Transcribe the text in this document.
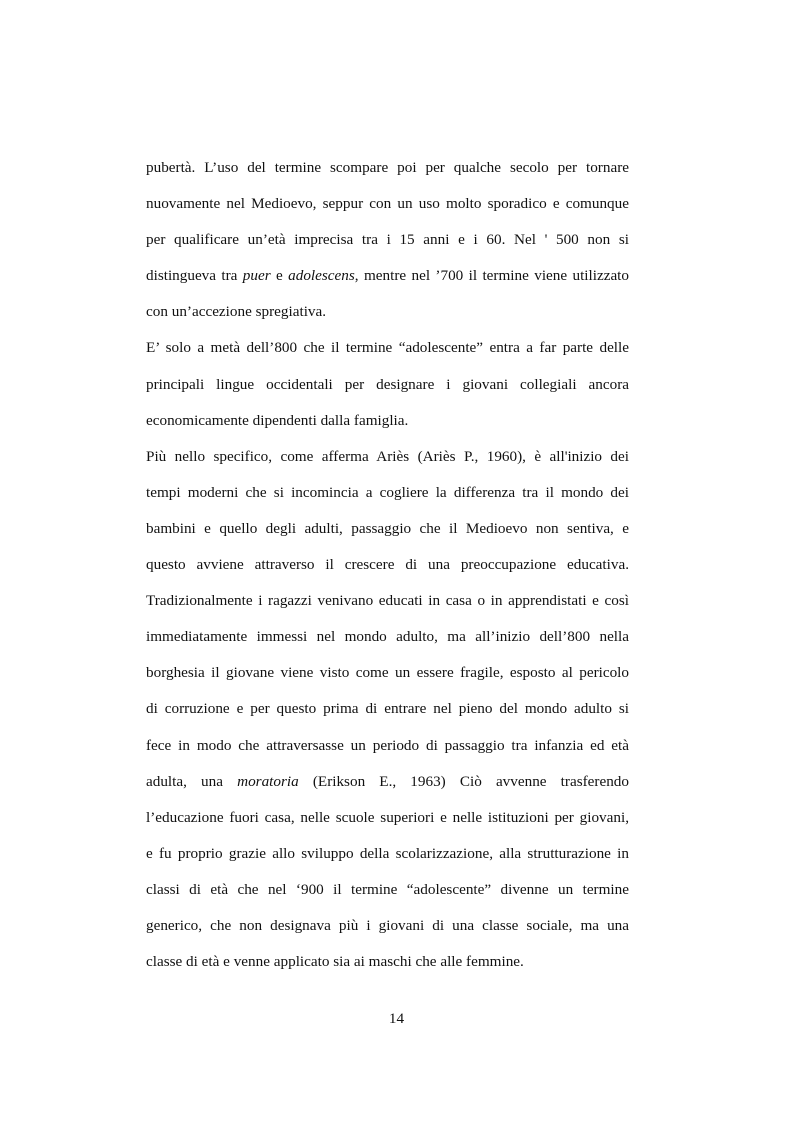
pubertà. L’uso del termine scompare poi per qualche secolo per tornare
nuovamente nel Medioevo, seppur con un uso molto sporadico e comunque
per qualificare un’età imprecisa tra i 15 anni e i 60. Nel ' 500 non si
distingueva tra puer e adolescens, mentre nel ’700 il termine viene utilizzato
con un’accezione spregiativa.
E’ solo a metà dell’800 che il termine “adolescente” entra a far parte delle
principali lingue occidentali per designare i giovani collegiali ancora
economicamente dipendenti dalla famiglia.
Più nello specifico, come afferma Ariès (Ariès P., 1960), è all'inizio dei
tempi moderni che si incomincia a cogliere la differenza tra il mondo dei
bambini e quello degli adulti, passaggio che il Medioevo non sentiva, e
questo avviene attraverso il crescere di una preoccupazione educativa.
Tradizionalmente i ragazzi venivano educati in casa o in apprendistati e così
immediatamente immessi nel mondo adulto, ma all’inizio dell’800 nella
borghesia il giovane viene visto come un essere fragile, esposto al pericolo
di corruzione e per questo prima di entrare nel pieno del mondo adulto si
fece in modo che attraversasse un periodo di passaggio tra infanzia ed età
adulta, una moratoria (Erikson E., 1963) Ciò avvenne trasferendo
l’educazione fuori casa, nelle scuole superiori e nelle istituzioni per giovani,
e fu proprio grazie allo sviluppo della scolarizzazione, alla strutturazione in
classi di età che nel ‘900 il termine “adolescente” divenne un termine
generico, che non designava più i giovani di una classe sociale, ma una
classe di età e venne applicato sia ai maschi che alle femmine.
14
